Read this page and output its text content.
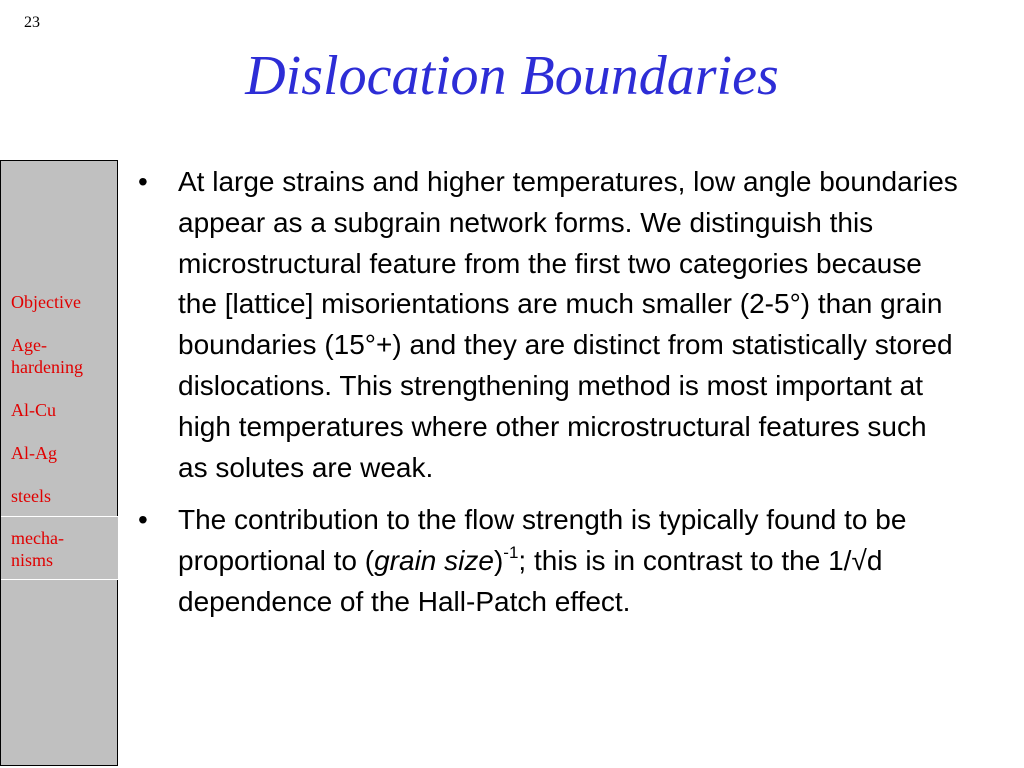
23
Dislocation Boundaries
Objective
Age-
hardening
Al-Cu
Al-Ag
steels
mecha-
nisms
•	At large strains and higher temperatures, low angle boundaries appear as a subgrain network forms. We distinguish this microstructural feature from the first two categories because the [lattice] misorientations are much smaller (2-5°) than grain boundaries (15°+) and they are distinct from statistically stored dislocations. This strengthening method is most important at high temperatures where other microstructural features such as solutes are weak.
•	The contribution to the flow strength is typically found to be proportional to (grain size)$^{-1}$; this is in contrast to the 1/√d dependence of the Hall-Patch effect.
